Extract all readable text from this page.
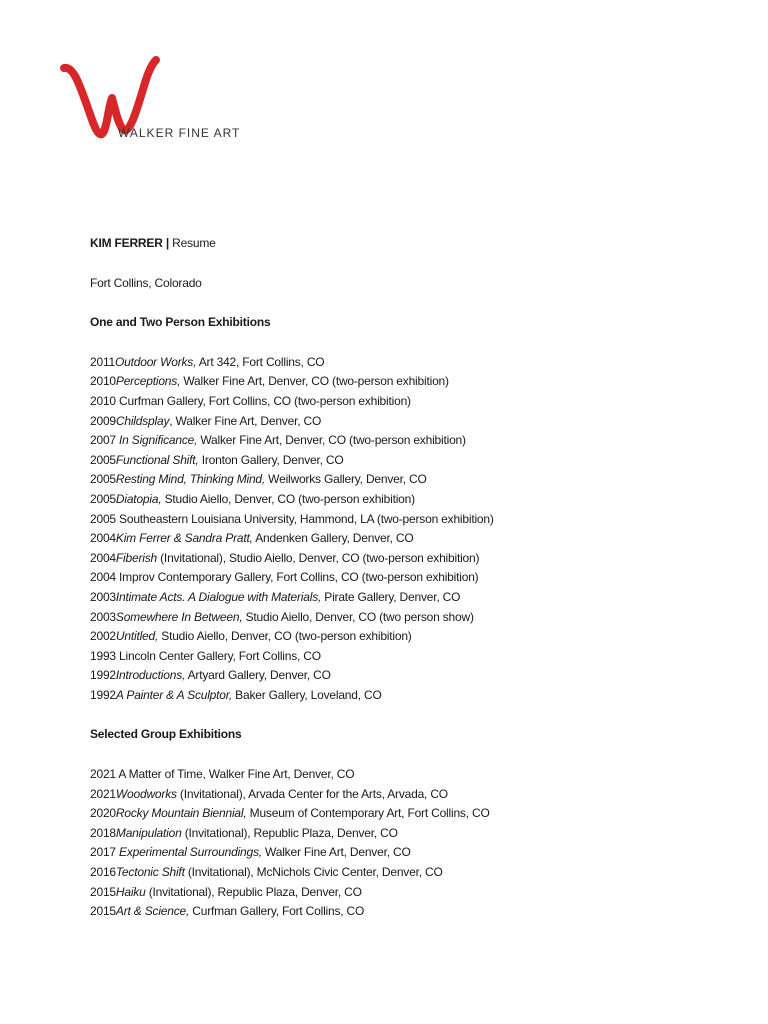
WALKER FINE ART
KIM FERRER | Resume
Fort Collins, Colorado
One and Two Person Exhibitions
2011Outdoor Works, Art 342, Fort Collins, CO
2010Perceptions, Walker Fine Art, Denver, CO (two-person exhibition)
2010 Curfman Gallery, Fort Collins, CO (two-person exhibition)
2009Childsplay, Walker Fine Art, Denver, CO
2007 In Significance, Walker Fine Art, Denver, CO (two-person exhibition)
2005Functional Shift, Ironton Gallery, Denver, CO
2005Resting Mind, Thinking Mind, Weilworks Gallery, Denver, CO
2005Diatopia, Studio Aiello, Denver, CO (two-person exhibition)
2005 Southeastern Louisiana University, Hammond, LA (two-person exhibition)
2004Kim Ferrer & Sandra Pratt, Andenken Gallery, Denver, CO
2004Fiberish (Invitational), Studio Aiello, Denver, CO (two-person exhibition)
2004 Improv Contemporary Gallery, Fort Collins, CO (two-person exhibition)
2003Intimate Acts. A Dialogue with Materials, Pirate Gallery, Denver, CO
2003Somewhere In Between, Studio Aiello, Denver, CO (two person show)
2002Untitled, Studio Aiello, Denver, CO (two-person exhibition)
1993 Lincoln Center Gallery, Fort Collins, CO
1992Introductions, Artyard Gallery, Denver, CO
1992A Painter & A Sculptor, Baker Gallery, Loveland, CO
Selected Group Exhibitions
2021 A Matter of Time, Walker Fine Art, Denver, CO
2021Woodworks (Invitational), Arvada Center for the Arts, Arvada, CO
2020Rocky Mountain Biennial, Museum of Contemporary Art, Fort Collins, CO
2018Manipulation (Invitational), Republic Plaza, Denver, CO
2017 Experimental Surroundings, Walker Fine Art, Denver, CO
2016Tectonic Shift (Invitational), McNichols Civic Center, Denver, CO
2015Haiku (Invitational), Republic Plaza, Denver, CO
2015Art & Science, Curfman Gallery, Fort Collins, CO
